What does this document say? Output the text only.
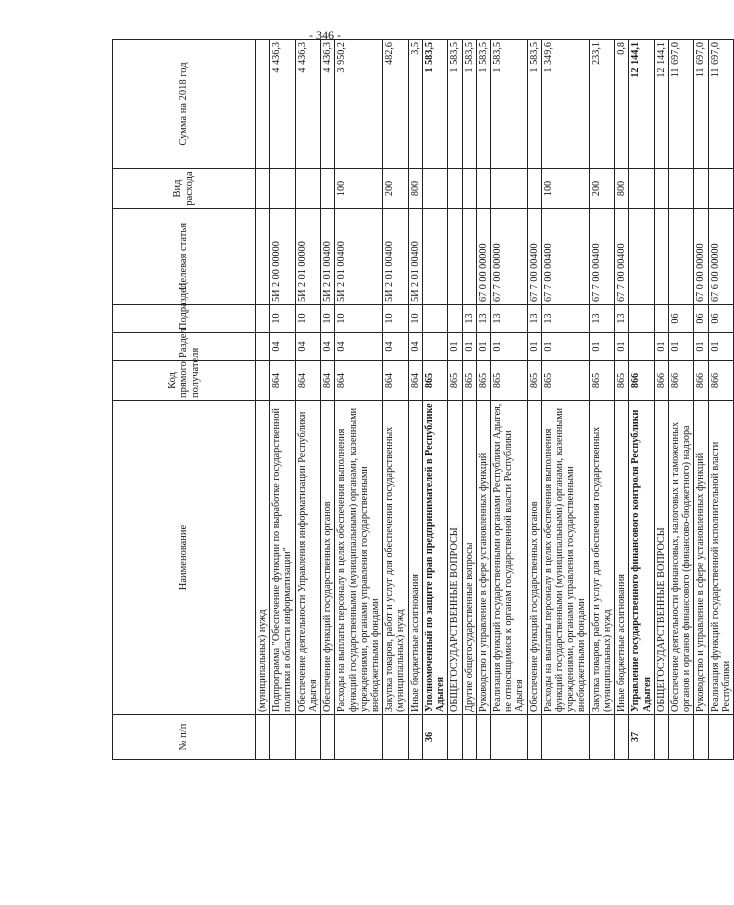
- 346 -
№ п/п	Наименование	Код прямого получателя	Раздел	Подраздел	Целевая статья	Вид расхода	Сумма на 2018 год
	(муниципальных) нужд						
	Подпрограмма "Обеспечение функции по выработке государственной политики в области информатизации"	864	04	10	5И 2 00 00000		4 436,3
	Обеспечение деятельности Управления информатизации Республики Адыгея	864	04	10	5И 2 01 00000		4 436,3
	Обеспечение функций государственных органов	864	04	10	5И 2 01 00400		4 436,3
	Расходы на выплаты персоналу в целях обеспечения выполнения функций государственными (муниципальными) органами, казенными учреждениями, органами управления государственными внебюджетными фондами	864	04	10	5И 2 01 00400	100	3 950,2
	Закупка товаров, работ и услуг для обеспечения государственных (муниципальных) нужд	864	04	10	5И 2 01 00400	200	482,6
	Иные бюджетные ассигнования	864	04	10	5И 2 01 00400	800	3,5
36	Уполномоченный по защите прав предпринимателей в Республике Адыгея	865					1 583,5
	ОБЩЕГОСУДАРСТВЕННЫЕ ВОПРОСЫ	865	01				1 583,5
	Другие общегосударственные вопросы	865	01	13			1 583,5
	Руководство и управление в сфере установленных функций	865	01	13	67 0 00 00000		1 583,5
	Реализация функций государственными органами Республики Адыгея, не относящимися к органам государственной власти Республики Адыгея	865	01	13	67 7 00 00000		1 583,5
	Обеспечение функций государственных органов	865	01	13	67 7 00 00400		1 583,5
	Расходы на выплаты персоналу в целях обеспечения выполнения функций государственными (муниципальными) органами, казенными учреждениями, органами управления государственными внебюджетными фондами	865	01	13	67 7 00 00400	100	1 349,6
	Закупка товаров, работ и услуг для обеспечения государственных (муниципальных) нужд	865	01	13	67 7 00 00400	200	233,1
	Иные бюджетные ассигнования	865	01	13	67 7 00 00400	800	0,8
37	Управление государственного финансового контроля Республики Адыгея	866					12 144,1
	ОБЩЕГОСУДАРСТВЕННЫЕ ВОПРОСЫ	866	01				12 144,1
	Обеспечение деятельности финансовых, налоговых и таможенных органов и органов финансового (финансово-бюджетного) надзора	866	01	06			11 697,0
	Руководство и управление в сфере установленных функций	866	01	06	67 0 00 00000		11 697,0
	Реализация функций государственной исполнительной власти Республики	866	01	06	67 6 00 00000		11 697,0
